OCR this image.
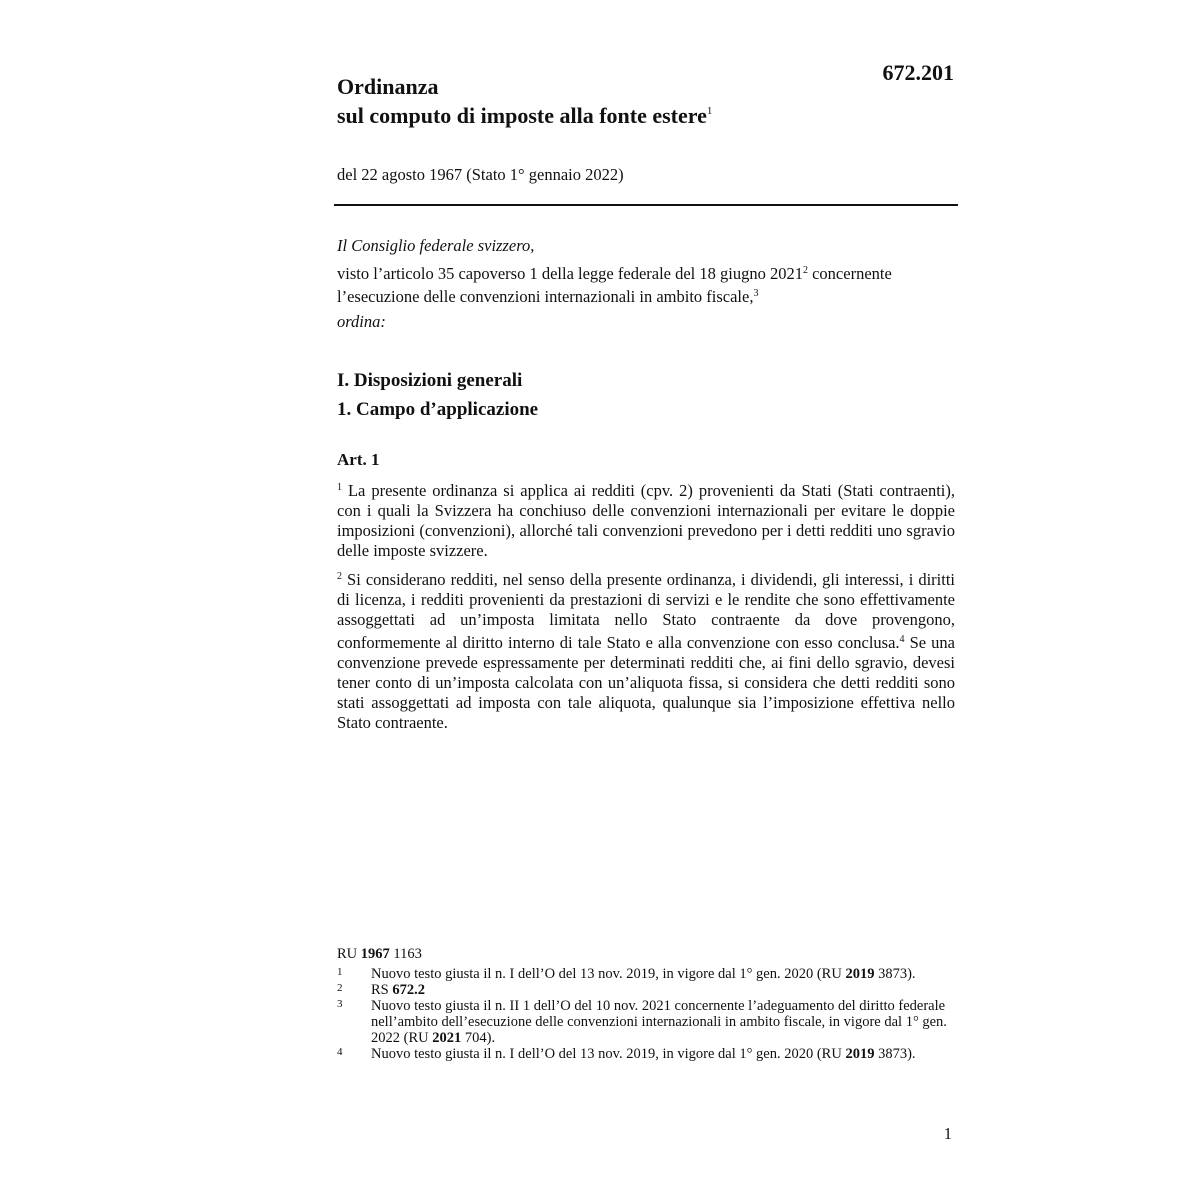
672.201
Ordinanza
sul computo di imposte alla fonte estere$^1$
del 22 agosto 1967 (Stato 1° gennaio 2022)

Il Consiglio federale svizzero,

visto l’articolo 35 capoverso 1 della legge federale del 18 giugno 2021$^2$ concernente l’esecuzione delle convenzioni internazionali in ambito fiscale,$^3$

ordina:

I. Disposizioni generali
1. Campo d’applicazione
Art. 1

$^1$ La presente ordinanza si applica ai redditi (cpv. 2) provenienti da Stati (Stati contraenti), con i quali la Svizzera ha conchiuso delle convenzioni internazionali per evitare le doppie imposizioni (convenzioni), allorché tali convenzioni prevedono per i detti redditi uno sgravio delle imposte svizzere.

$^2$ Si considerano redditi, nel senso della presente ordinanza, i dividendi, gli interessi, i diritti di licenza, i redditi provenienti da prestazioni di servizi e le rendite che sono effettivamente assoggettati ad un’imposta limitata nello Stato contraente da dove provengono, conformemente al diritto interno di tale Stato e alla convenzione con esso conclusa.$^4$ Se una convenzione prevede espressamente per determinati redditi che, ai fini dello sgravio, devesi tener conto di un’imposta calcolata con un’aliquota fissa, si considera che detti redditi sono stati assoggettati ad imposta con tale aliquota, qualunque sia l’imposizione effettiva nello Stato contraente.

RU 1967 1163
1	Nuovo testo giusta il n. I dell’O del 13 nov. 2019, in vigore dal 1° gen. 2020 (RU 2019 3873).
2	RS 672.2
3	Nuovo testo giusta il n. II 1 dell’O del 10 nov. 2021 concernente l’adeguamento del diritto federale nell’ambito dell’esecuzione delle convenzioni internazionali in ambito fiscale, in vigore dal 1° gen. 2022 (RU 2021 704).
4	Nuovo testo giusta il n. I dell’O del 13 nov. 2019, in vigore dal 1° gen. 2020 (RU 2019 3873).
1
